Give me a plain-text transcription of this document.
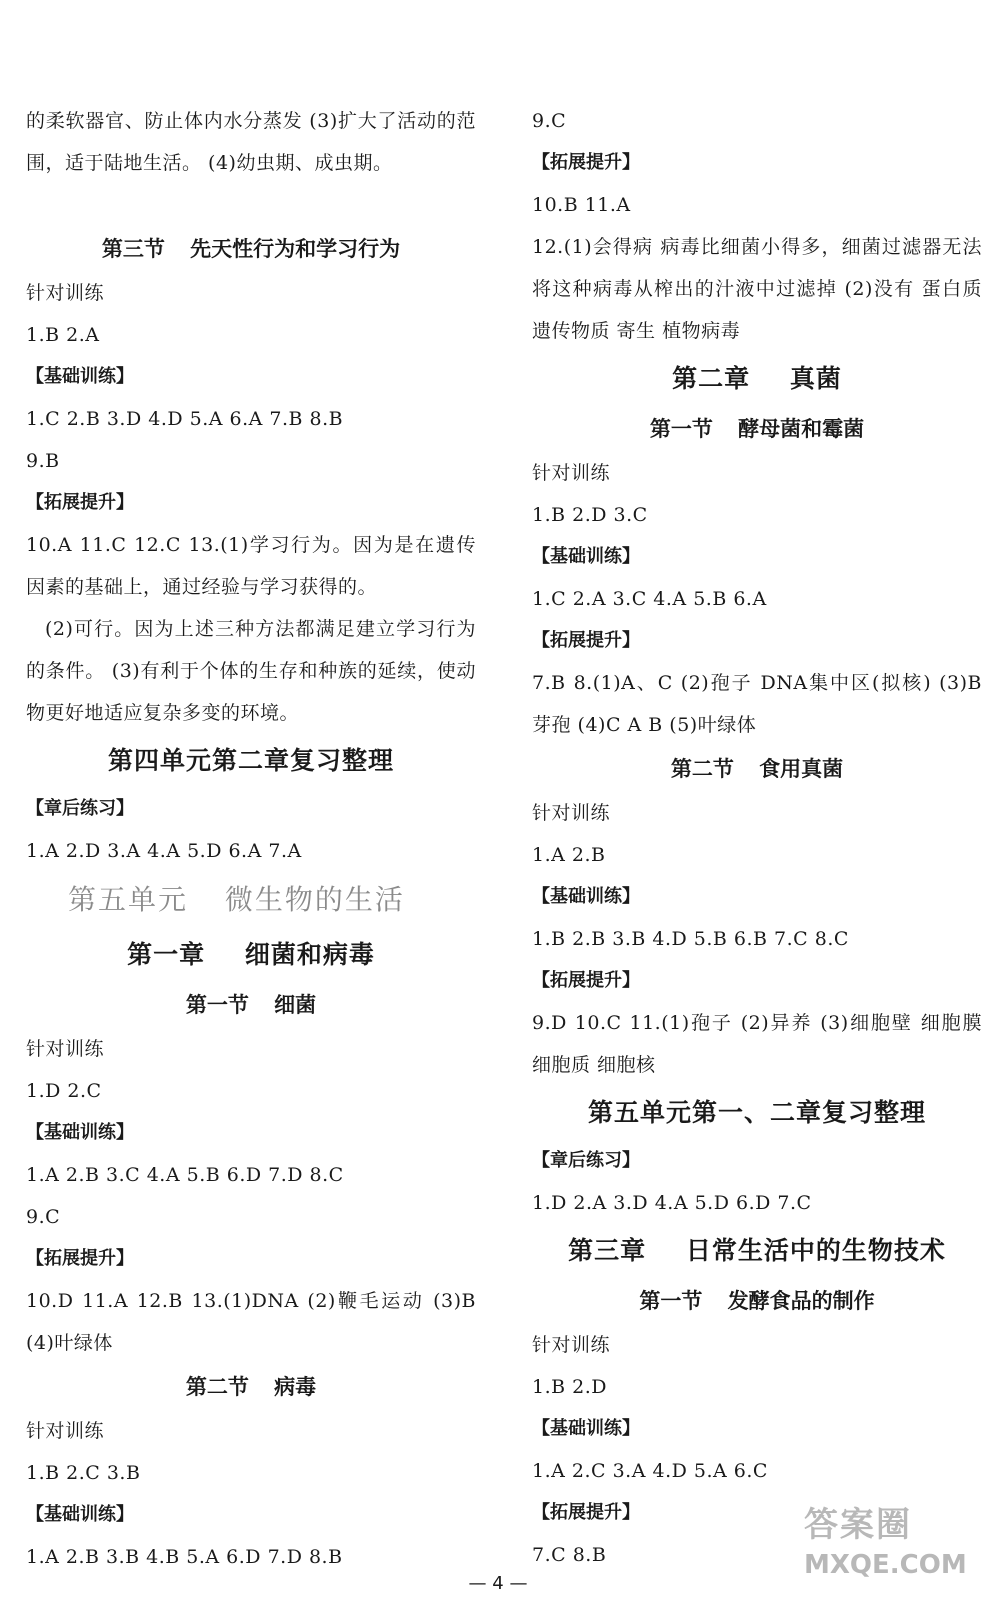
的柔软器官、防止体内水分蒸发 (3)扩大了活动的范围，适于陆地生活。 (4)幼虫期、成虫期。
第三节 先天性行为和学习行为
针对训练
1.B 2.A
【基础训练】
1.C 2.B 3.D 4.D 5.A 6.A 7.B 8.B
9.B
【拓展提升】
10.A 11.C 12.C 13.(1)学习行为。因为是在遗传因素的基础上，通过经验与学习获得的。
(2)可行。因为上述三种方法都满足建立学习行为的条件。 (3)有利于个体的生存和种族的延续，使动物更好地适应复杂多变的环境。
第四单元第二章复习整理
【章后练习】
1.A 2.D 3.A 4.A 5.D 6.A 7.A
第五单元 微生物的生活
第一章 细菌和病毒
第一节 细菌
针对训练
1.D 2.C
【基础训练】
1.A 2.B 3.C 4.A 5.B 6.D 7.D 8.C
9.C
【拓展提升】
10.D 11.A 12.B 13.(1)DNA (2)鞭毛运动 (3)B (4)叶绿体
第二节 病毒
针对训练
1.B 2.C 3.B
【基础训练】
1.A 2.B 3.B 4.B 5.A 6.D 7.D 8.B
9.C
【拓展提升】
10.B 11.A
12.(1)会得病 病毒比细菌小得多，细菌过滤器无法将这种病毒从榨出的汁液中过滤掉 (2)没有 蛋白质 遗传物质 寄生 植物病毒
第二章 真菌
第一节 酵母菌和霉菌
针对训练
1.B 2.D 3.C
【基础训练】
1.C 2.A 3.C 4.A 5.B 6.A
【拓展提升】
7.B 8.(1)A、C (2)孢子 DNA集中区(拟核) (3)B 芽孢 (4)C A B (5)叶绿体
第二节 食用真菌
针对训练
1.A 2.B
【基础训练】
1.B 2.B 3.B 4.D 5.B 6.B 7.C 8.C
【拓展提升】
9.D 10.C 11.(1)孢子 (2)异养 (3)细胞壁 细胞膜 细胞质 细胞核
第五单元第一、二章复习整理
【章后练习】
1.D 2.A 3.D 4.A 5.D 6.D 7.C
第三章 日常生活中的生物技术
第一节 发酵食品的制作
针对训练
1.B 2.D
【基础训练】
1.A 2.C 3.A 4.D 5.A 6.C
【拓展提升】
7.C 8.B
答案圈
MXQE.COM
— 4 —
